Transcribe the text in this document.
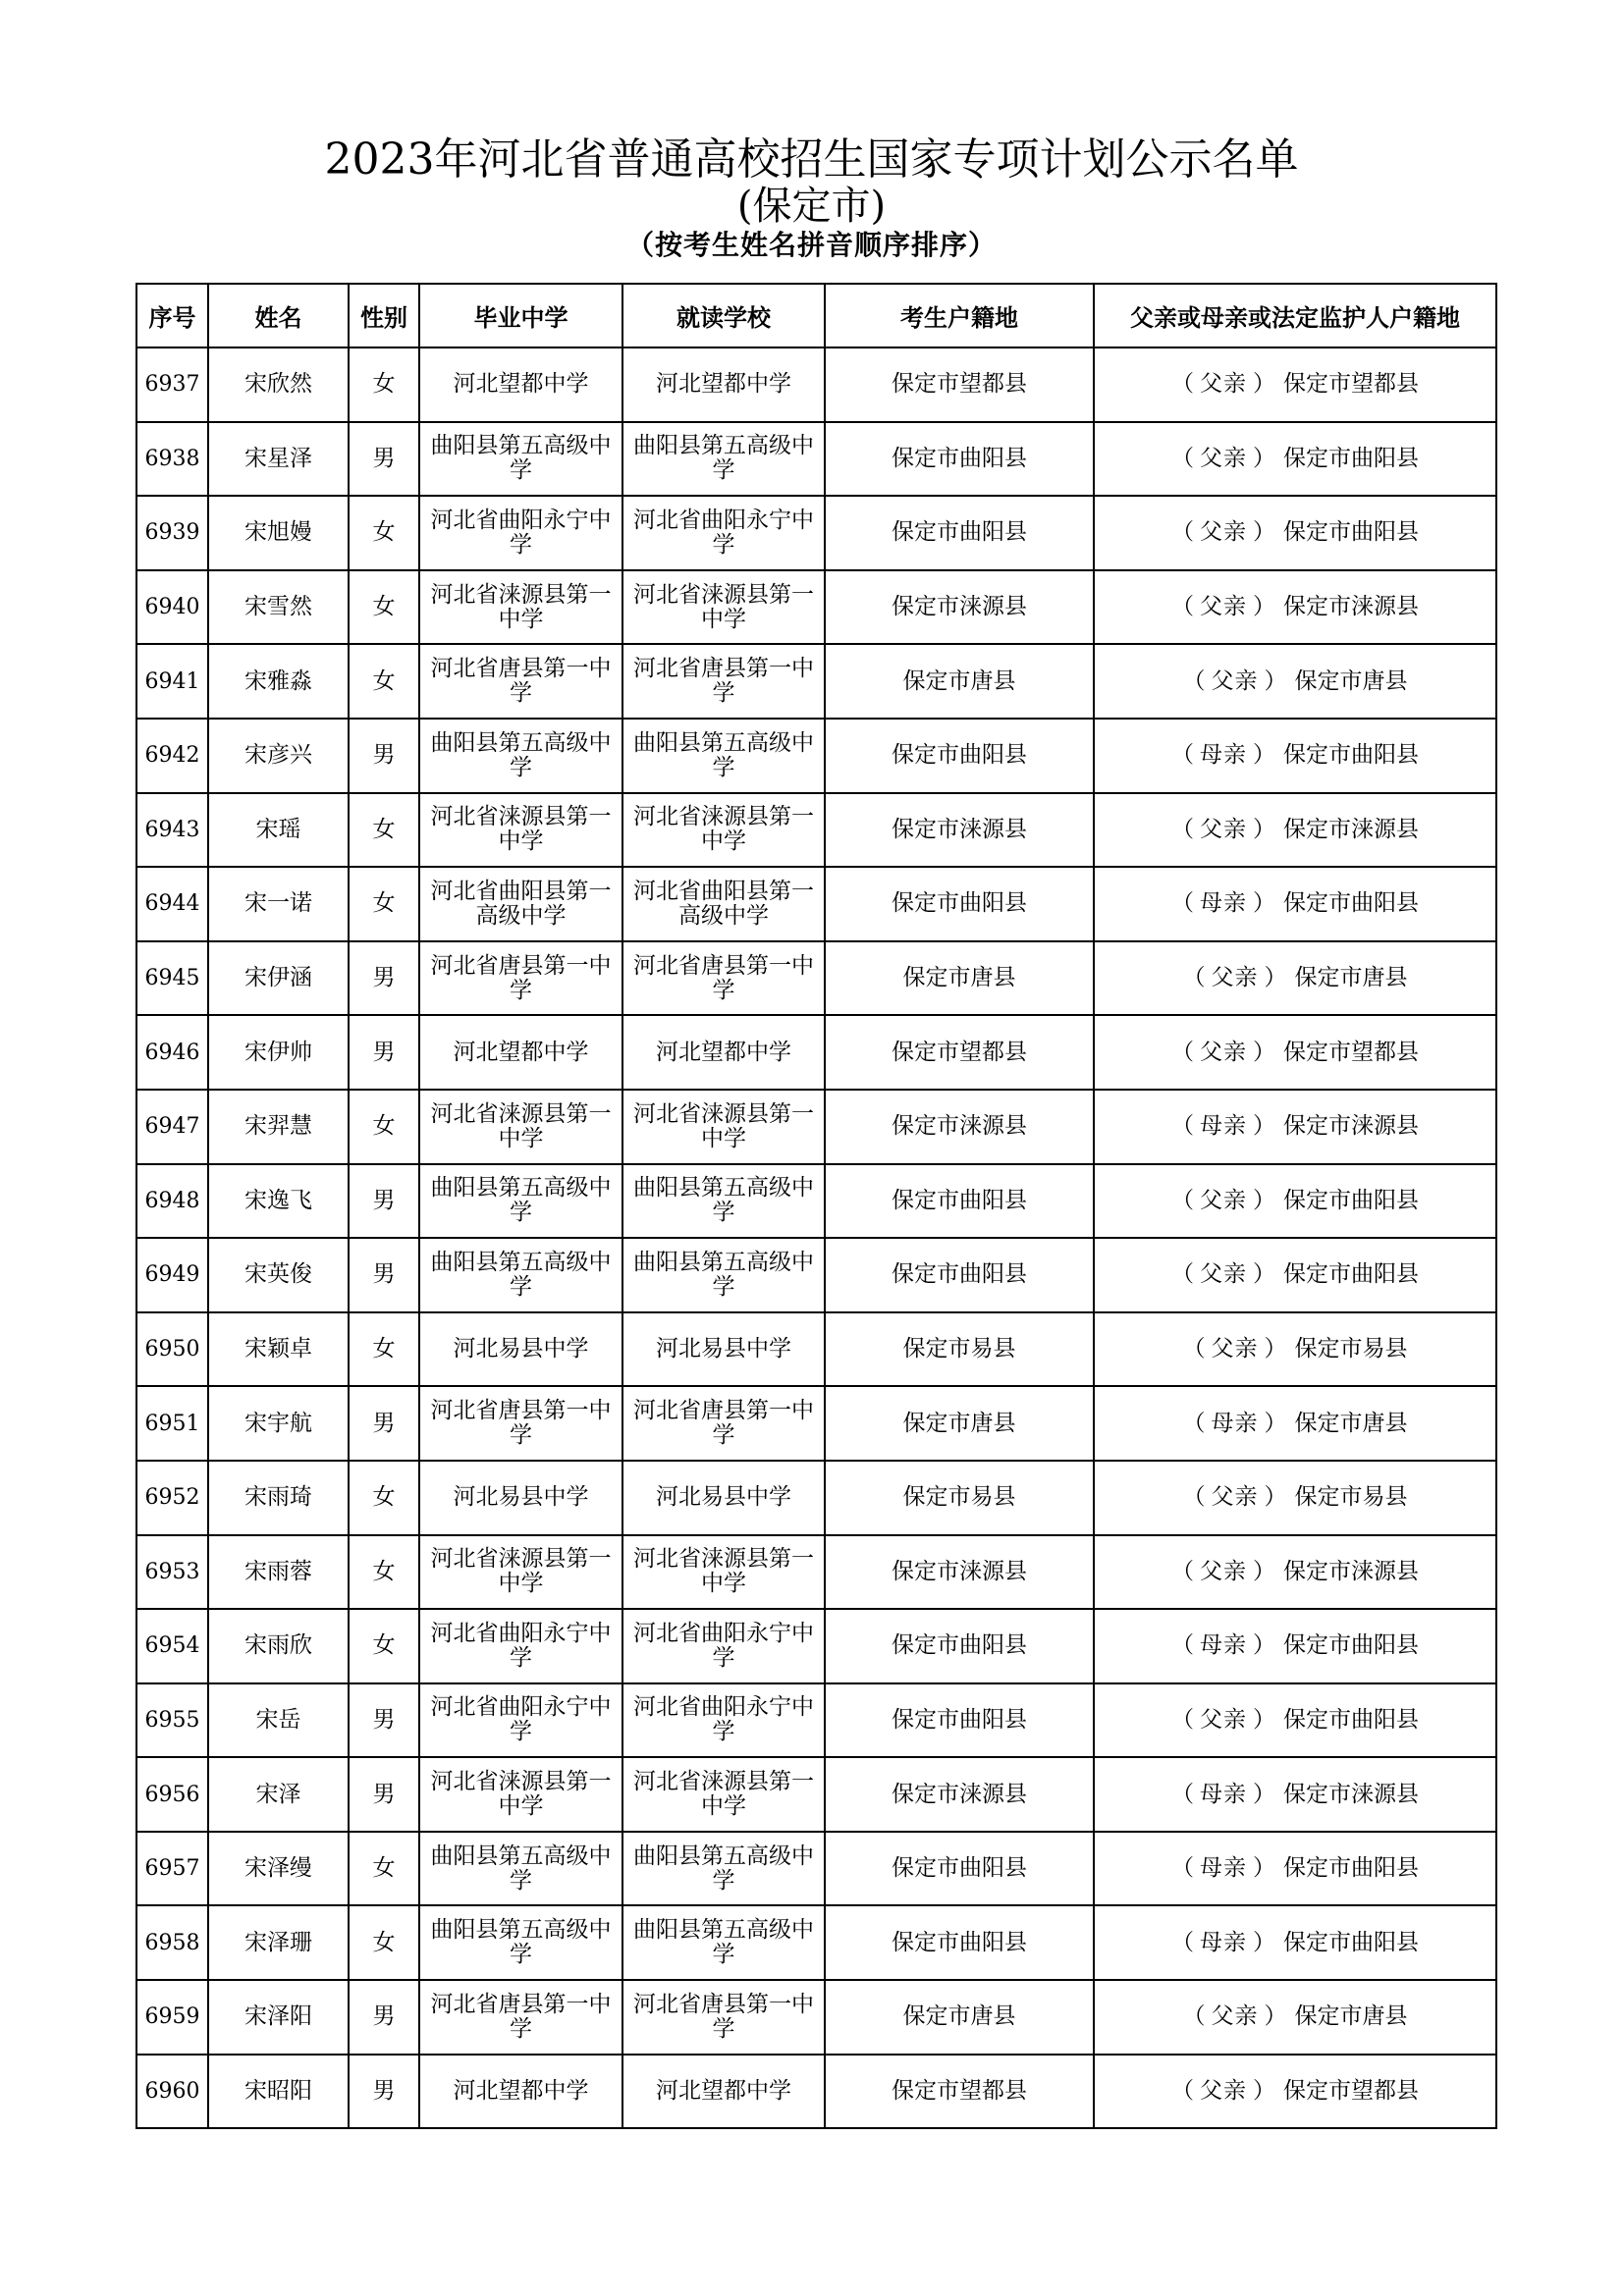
2023年河北省普通高校招生国家专项计划公示名单
(保定市)
（按考生姓名拼音顺序排序）
序号	姓名	性别	毕业中学	就读学校	考生户籍地	父亲或母亲或法定监护人户籍地
6937	宋欣然	女	河北望都中学	河北望都中学	保定市望都县	（ 父亲 ） 保定市望都县
6938	宋星泽	男	曲阳县第五高级中学	曲阳县第五高级中学	保定市曲阳县	（ 父亲 ） 保定市曲阳县
6939	宋旭嫚	女	河北省曲阳永宁中学	河北省曲阳永宁中学	保定市曲阳县	（ 父亲 ） 保定市曲阳县
6940	宋雪然	女	河北省涞源县第一中学	河北省涞源县第一中学	保定市涞源县	（ 父亲 ） 保定市涞源县
6941	宋雅淼	女	河北省唐县第一中学	河北省唐县第一中学	保定市唐县	（ 父亲 ） 保定市唐县
6942	宋彦兴	男	曲阳县第五高级中学	曲阳县第五高级中学	保定市曲阳县	（ 母亲 ） 保定市曲阳县
6943	宋瑶	女	河北省涞源县第一中学	河北省涞源县第一中学	保定市涞源县	（ 父亲 ） 保定市涞源县
6944	宋一诺	女	河北省曲阳县第一高级中学	河北省曲阳县第一高级中学	保定市曲阳县	（ 母亲 ） 保定市曲阳县
6945	宋伊涵	男	河北省唐县第一中学	河北省唐县第一中学	保定市唐县	（ 父亲 ） 保定市唐县
6946	宋伊帅	男	河北望都中学	河北望都中学	保定市望都县	（ 父亲 ） 保定市望都县
6947	宋羿慧	女	河北省涞源县第一中学	河北省涞源县第一中学	保定市涞源县	（ 母亲 ） 保定市涞源县
6948	宋逸飞	男	曲阳县第五高级中学	曲阳县第五高级中学	保定市曲阳县	（ 父亲 ） 保定市曲阳县
6949	宋英俊	男	曲阳县第五高级中学	曲阳县第五高级中学	保定市曲阳县	（ 父亲 ） 保定市曲阳县
6950	宋颖卓	女	河北易县中学	河北易县中学	保定市易县	（ 父亲 ） 保定市易县
6951	宋宇航	男	河北省唐县第一中学	河北省唐县第一中学	保定市唐县	（ 母亲 ） 保定市唐县
6952	宋雨琦	女	河北易县中学	河北易县中学	保定市易县	（ 父亲 ） 保定市易县
6953	宋雨蓉	女	河北省涞源县第一中学	河北省涞源县第一中学	保定市涞源县	（ 父亲 ） 保定市涞源县
6954	宋雨欣	女	河北省曲阳永宁中学	河北省曲阳永宁中学	保定市曲阳县	（ 母亲 ） 保定市曲阳县
6955	宋岳	男	河北省曲阳永宁中学	河北省曲阳永宁中学	保定市曲阳县	（ 父亲 ） 保定市曲阳县
6956	宋泽	男	河北省涞源县第一中学	河北省涞源县第一中学	保定市涞源县	（ 母亲 ） 保定市涞源县
6957	宋泽缦	女	曲阳县第五高级中学	曲阳县第五高级中学	保定市曲阳县	（ 母亲 ） 保定市曲阳县
6958	宋泽珊	女	曲阳县第五高级中学	曲阳县第五高级中学	保定市曲阳县	（ 母亲 ） 保定市曲阳县
6959	宋泽阳	男	河北省唐县第一中学	河北省唐县第一中学	保定市唐县	（ 父亲 ） 保定市唐县
6960	宋昭阳	男	河北望都中学	河北望都中学	保定市望都县	（ 父亲 ） 保定市望都县
